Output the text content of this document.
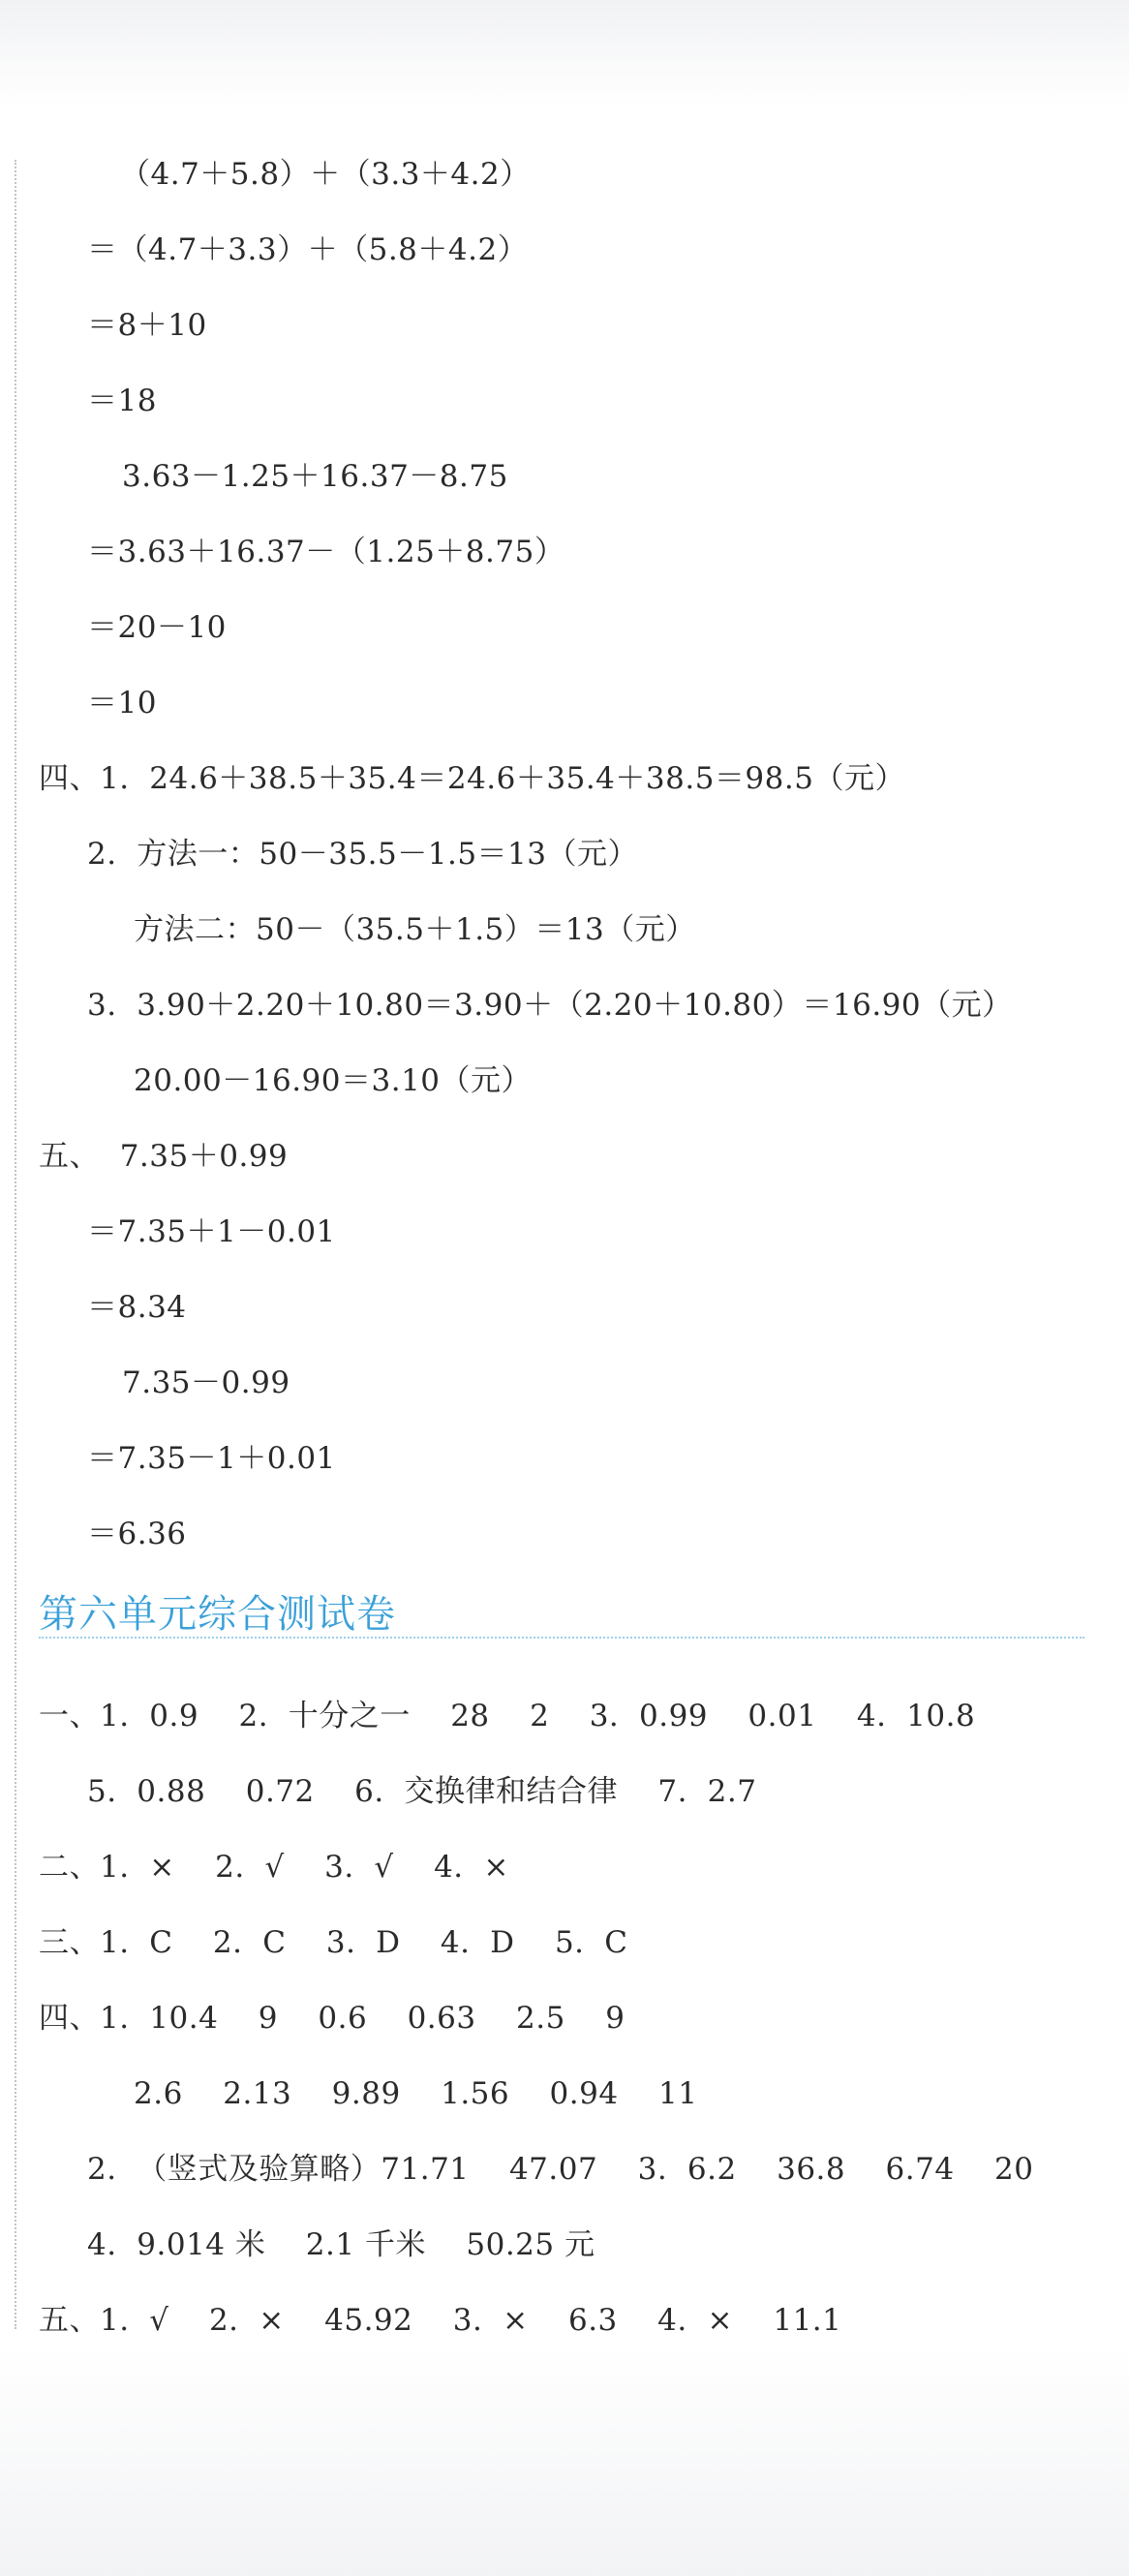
（4.7＋5.8）＋（3.3＋4.2）
＝（4.7＋3.3）＋（5.8＋4.2）
＝8＋10
＝18
3.63－1.25＋16.37－8.75
＝3.63＋16.37－（1.25＋8.75）
＝20－10
＝10
四、1.  24.6＋38.5＋35.4＝24.6＋35.4＋38.5＝98.5（元）
2.  方法一：50－35.5－1.5＝13（元）
方法二：50－（35.5＋1.5）＝13（元）
3.  3.90＋2.20＋10.80＝3.90＋（2.20＋10.80）＝16.90（元）
20.00－16.90＝3.10（元）
五、  7.35＋0.99
＝7.35＋1－0.01
＝8.34
7.35－0.99
＝7.35－1＋0.01
＝6.36
第六单元综合测试卷
一、1.  0.9    2.  十分之一    28    2    3.  0.99    0.01    4.  10.8
5.  0.88    0.72    6.  交换律和结合律    7.  2.7
二、1.  ×    2.  √    3.  √    4.  ×
三、1.  C    2.  C    3.  D    4.  D    5.  C
四、1.  10.4    9    0.6    0.63    2.5    9
2.6    2.13    9.89    1.56    0.94    11
2.  （竖式及验算略）71.71    47.07    3.  6.2    36.8    6.74    20
4.  9.014 米    2.1 千米    50.25 元
五、1.  √    2.  ×    45.92    3.  ×    6.3    4.  ×    11.1
